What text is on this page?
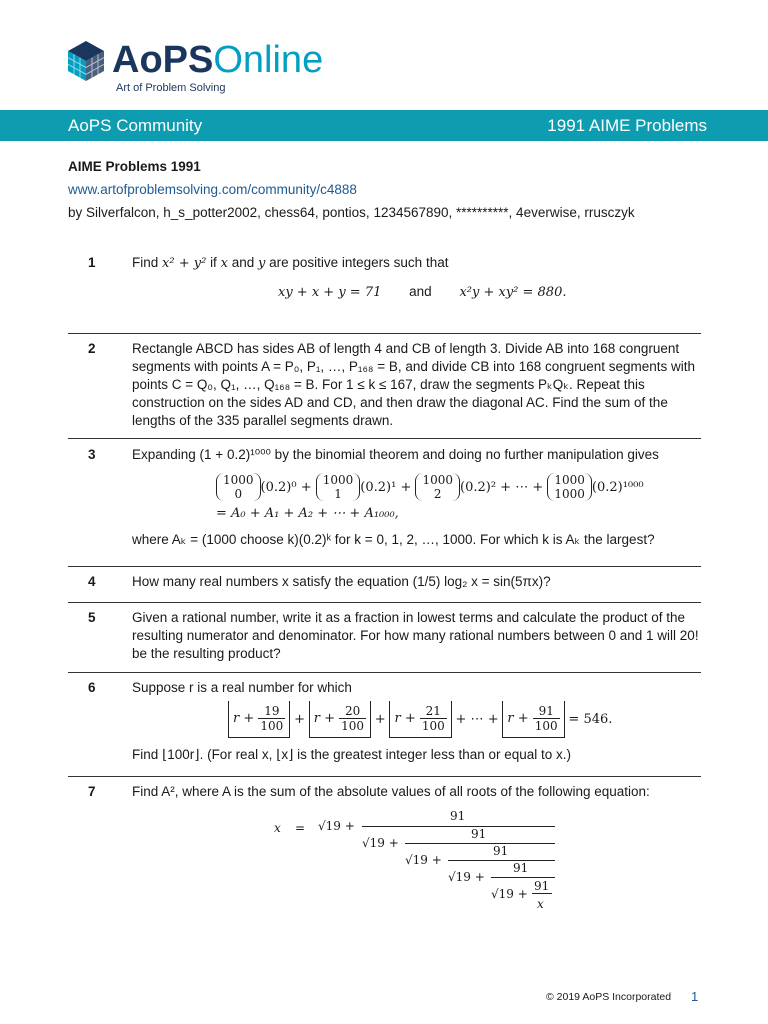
AoPSOnline
Art of Problem Solving
AoPS Community	1991 AIME Problems
AIME Problems 1991
www.artofproblemsolving.com/community/c4888
by Silverfalcon, h_s_potter2002, chess64, pontios, 1234567890, **********, 4everwise, rrusczyk
1	Find x² + y² if x and y are positive integers such that
xy + x + y = 71 and x²y + xy² = 880.
2	Rectangle ABCD has sides AB of length 4 and CB of length 3. Divide AB into 168 congruent segments with points A = P₀, P₁, …, P₁₆₈ = B, and divide CB into 168 congruent segments with points C = Q₀, Q₁, …, Q₁₆₈ = B. For 1 ≤ k ≤ 167, draw the segments PₖQₖ. Repeat this construction on the sides AD and CD, and then draw the diagonal AC. Find the sum of the lengths of the 335 parallel segments drawn.
3	Expanding (1 + 0.2)¹⁰⁰⁰ by the binomial theorem and doing no further manipulation gives
1000
0 (0.2)⁰ + 1000
1 (0.2)¹ + 1000
2 (0.2)² + ⋯ + 1000
1000 (0.2)¹⁰⁰⁰
= A₀ + A₁ + A₂ + ⋯ + A₁₀₀₀,
where Aₖ = (1000 choose k)(0.2)ᵏ for k = 0, 1, 2, …, 1000. For which k is Aₖ the largest?
4	How many real numbers x satisfy the equation (1/5) log₂ x = sin(5πx)?
5	Given a rational number, write it as a fraction in lowest terms and calculate the product of the resulting numerator and denominator. For how many rational numbers between 0 and 1 will 20! be the resulting product?
6	Suppose r is a real number for which
$r + \frac{19}{100} + r + \frac{20}{100} + r + \frac{21}{100}$ + ⋯ + $r + \frac{91}{100} = 546$.
Find ⌊100r⌋. (For real x, ⌊x⌋ is the greatest integer less than or equal to x.)
7	Find A², where A is the sum of the absolute values of all roots of the following equation:
x = √19 +
91
√19 +
91
√19 +
91
√19 +
91
√19 +
91
x
© 2019 AoPS Incorporated 1
